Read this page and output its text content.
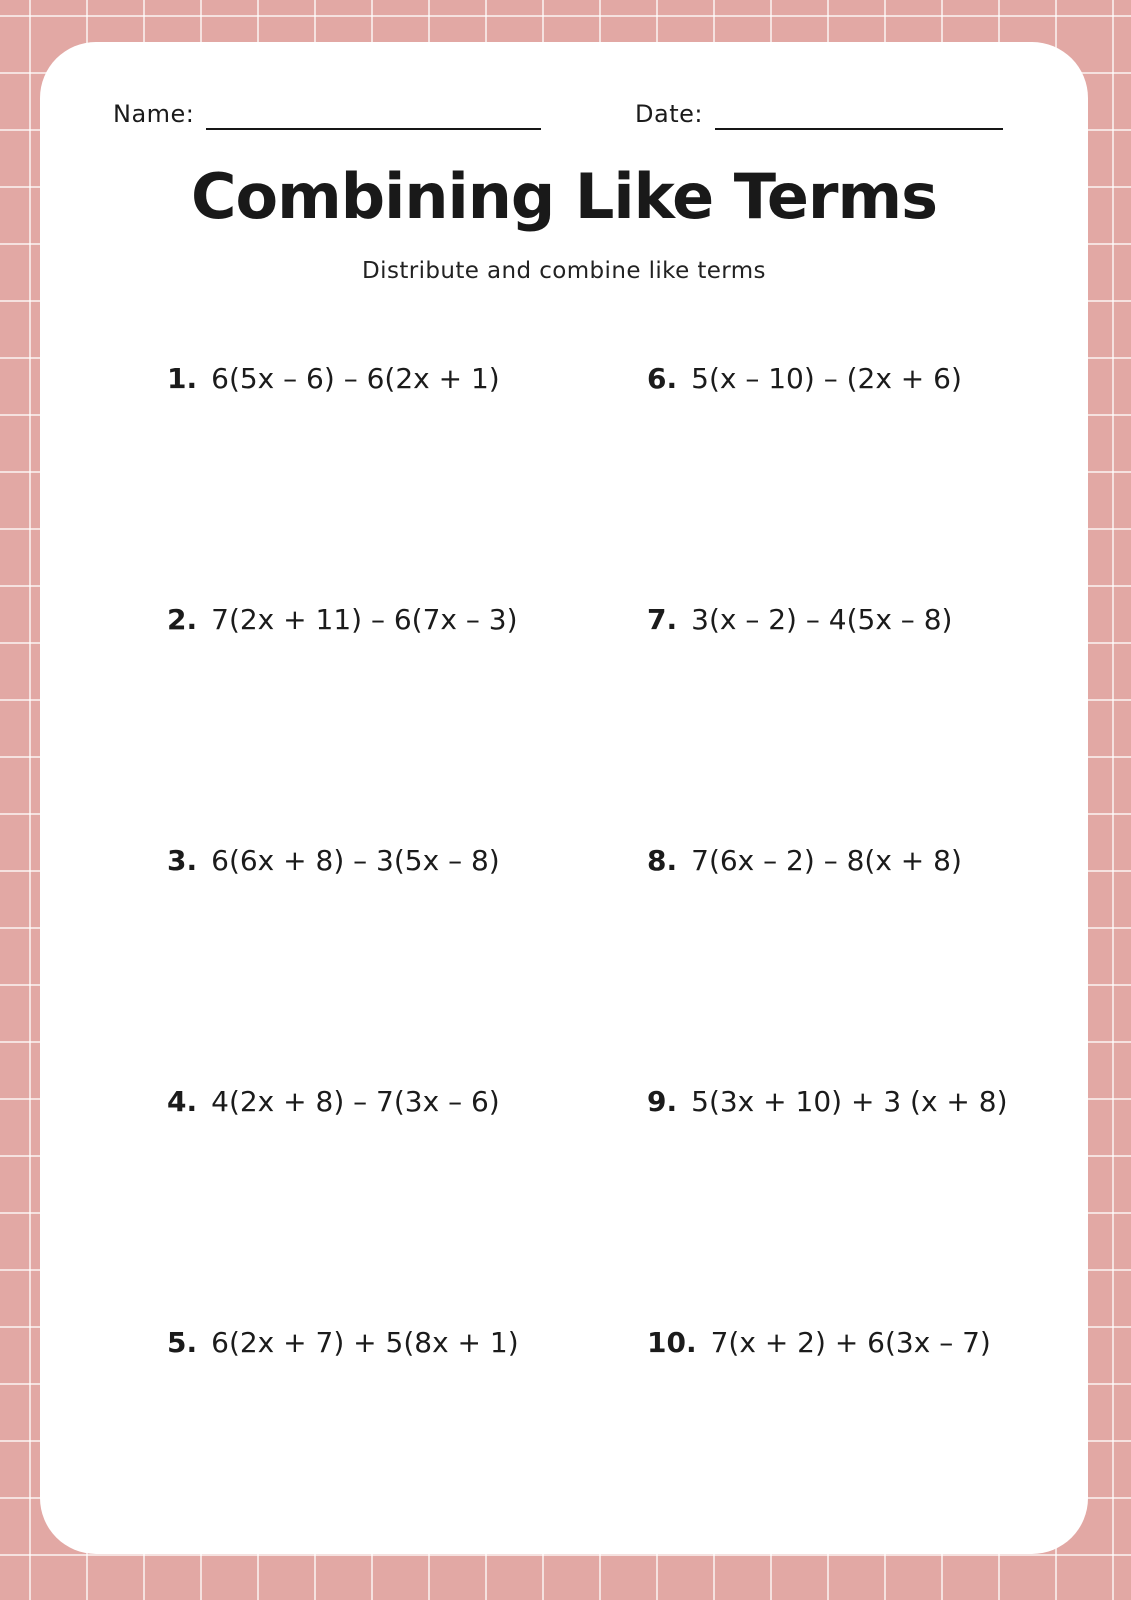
Name:	Date:
Combining Like Terms

Distribute and combine like terms

1. 6(5x – 6) – 6(2x + 1)
2. 7(2x + 11) – 6(7x – 3)
3. 6(6x + 8) – 3(5x – 8)
4. 4(2x + 8) – 7(3x – 6)
5. 6(2x + 7) + 5(8x + 1)
6. 5(x – 10) – (2x + 6)
7. 3(x – 2) – 4(5x – 8)
8. 7(6x – 2) – 8(x + 8)
9. 5(3x + 10) + 3 (x + 8)
10. 7(x + 2) + 6(3x – 7)
